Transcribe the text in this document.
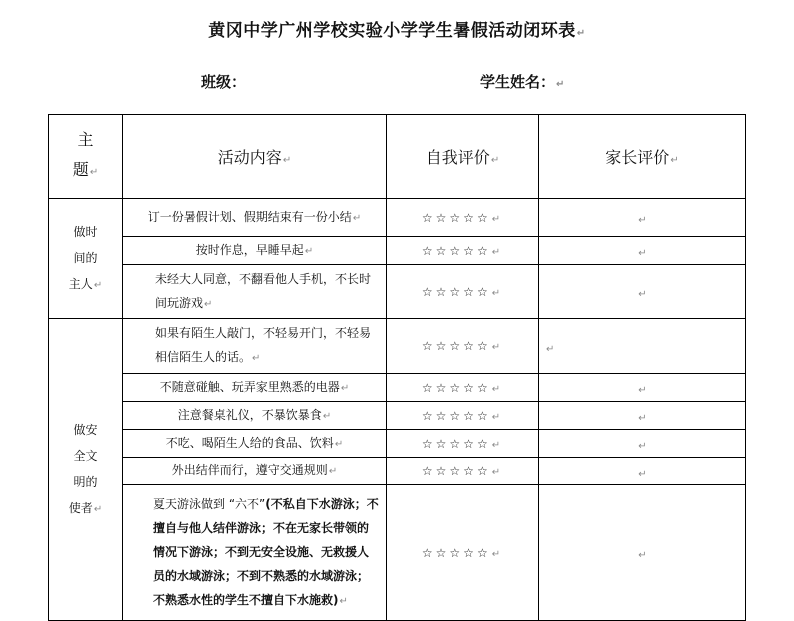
黄冈中学广州学校实验小学学生暑假活动闭环表↵
班级：	学生姓名：↵
主
题↵	活动内容↵	自我评价↵	家长评价↵
做时
间的
主人↵	订一份暑假计划、假期结束有一份小结↵	☆☆☆☆☆↵	↵
	按时作息，早睡早起↵	☆☆☆☆☆↵	↵
	未经大人同意，不翻看他人手机，不长时间玩游戏↵	☆☆☆☆☆↵	↵
做安
全文
明的
使者↵	如果有陌生人敲门，不轻易开门，不轻易相信陌生人的话。↵	☆☆☆☆☆↵	↵
	不随意碰触、玩弄家里熟悉的电器↵	☆☆☆☆☆↵	↵
	注意餐桌礼仪，不暴饮暴食↵	☆☆☆☆☆↵	↵
	不吃、喝陌生人给的食品、饮料↵	☆☆☆☆☆↵	↵
	外出结伴而行，遵守交通规则↵	☆☆☆☆☆↵	↵
	夏天游泳做到 “六不”(不私自下水游泳；不擅自与他人结伴游泳；不在无家长带领的情况下游泳；不到无安全设施、无救援人员的水域游泳；不到不熟悉的水域游泳；不熟悉水性的学生不擅自下水施救)↵	☆☆☆☆☆↵	↵
